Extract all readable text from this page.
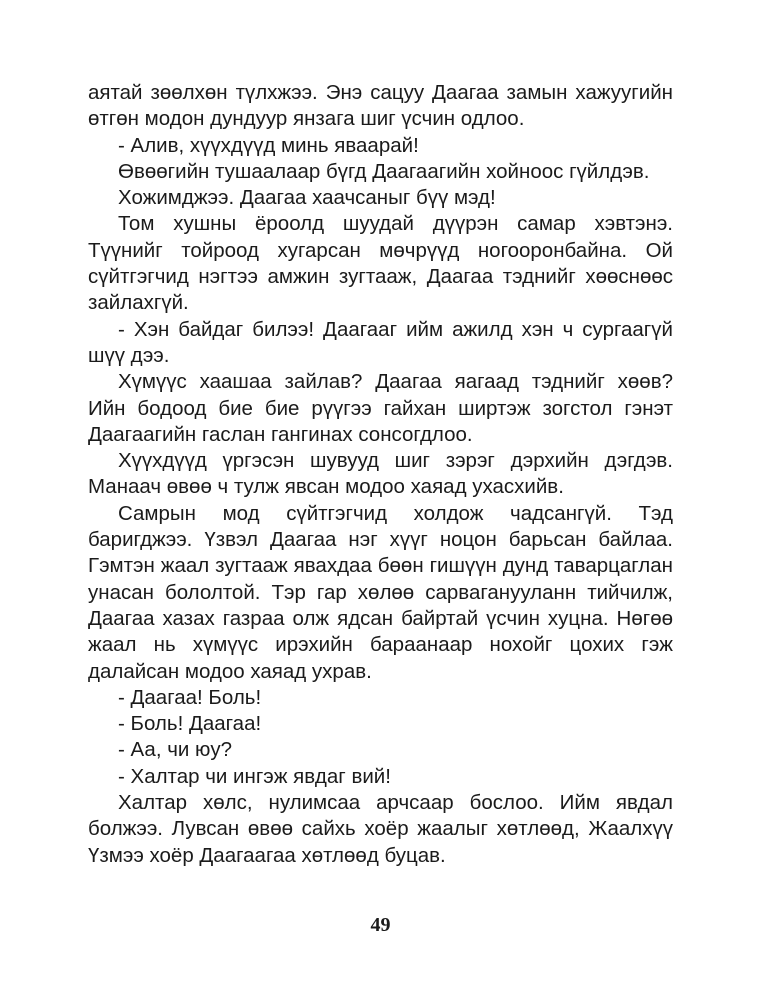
аятай зөөлхөн түлхжээ. Энэ сацуу Даагаа замын хажуугийн өтгөн модон дундуур янзага шиг үсчин одлоо.

- Алив, хүүхдүүд минь яваарай!

Өвөөгийн тушаалаар бүгд Даагаагийн хойноос гүйлдэв.

Хожимджээ. Даагаа хаачсаныг бүү мэд!

Том хушны ёроолд шуудай дүүрэн самар хэвтэнэ. Түүнийг тойроод хугарсан мөчрүүд ногооронбайна. Ой сүйтгэгчид нэгтээ амжин зугтааж, Даагаа тэднийг хөөснөөс зайлахгүй.

- Хэн байдаг билээ! Даагааг ийм ажилд хэн ч сургаагүй шүү дээ.

Хүмүүс хаашаа зайлав? Даагаа яагаад тэднийг хөөв? Ийн бодоод бие бие рүүгээ гайхан ширтэж зогстол гэнэт Даагаагийн гаслан гангинах сонсогдлоо.

Хүүхдүүд үргэсэн шувууд шиг зэрэг дэрхийн дэгдэв. Манаач өвөө ч тулж явсан модоо хаяад ухасхийв.

Самрын мод сүйтгэгчид холдож чадсангүй. Тэд баригджээ. Үзвэл Даагаа нэг хүүг ноцон барьсан байлаа. Гэмтэн жаал зугтааж явахдаа бөөн гишүүн дунд таварцаглан унасан бололтой. Тэр гар хөлөө сарваганууланн тийчилж, Даагаа хазах газраа олж ядсан байртай үсчин хуцна. Нөгөө жаал нь хүмүүс ирэхийн бараанаар нохойг цохих гэж далайсан модоо хаяад ухрав.

- Даагаа! Боль!

- Боль! Даагаа!

- Аа, чи юу?

- Халтар чи ингэж явдаг вий!

Халтар хөлс, нулимсаа арчсаар бослоо. Ийм явдал болжээ. Лувсан өвөө сайхь хоёр жаалыг хөтлөөд, Жаалхүү Үзмээ хоёр Даагаагаа хөтлөөд буцав.

49
